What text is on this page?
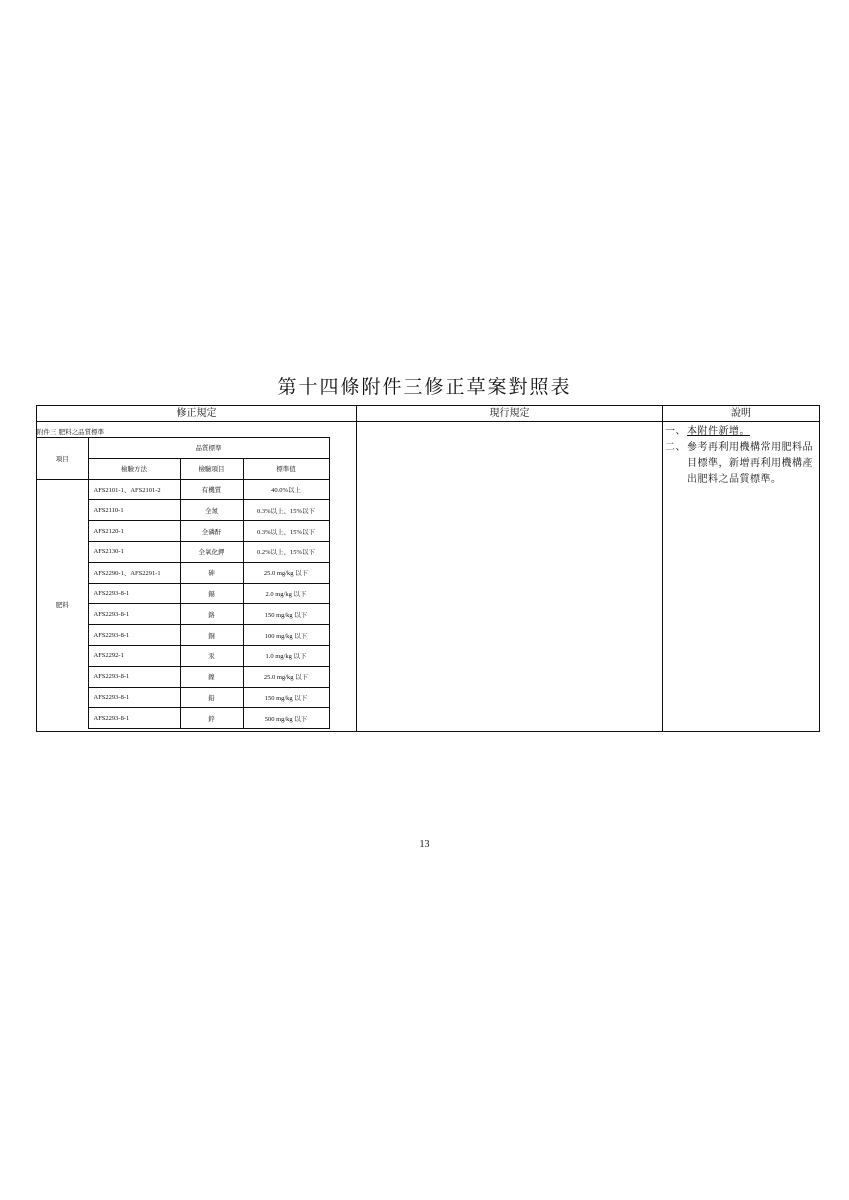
第十四條附件三修正草案對照表
修正規定	現行規定	說明

附件三 肥料之品質標準
項目	品質標準	
檢驗方法	檢驗項目	標準值	
肥料	AFS2101-1、AFS2101-2	有機質	40.0%以上	
AFS2110-1	全氮	0.3%以上、15%以下	
AFS2120-1	全磷酐	0.3%以上、15%以下	
AFS2130-1	全氧化鉀	0.2%以上、15%以下	
AFS2290-1、AFS2291-1	砷	25.0 mg/kg 以下	
AFS2293-8-1	鎘	2.0 mg/kg 以下	
AFS2293-8-1	鉻	150 mg/kg 以下	
AFS2293-8-1	銅	100 mg/kg 以下	
AFS2292-1	汞	1.0 mg/kg 以下	
AFS2293-8-1	鎳	25.0 mg/kg 以下	
AFS2293-8-1	鉛	150 mg/kg 以下	
AFS2293-8-1	鋅	500 mg/kg 以下	

一、 本附件新增。
二、 參考再利用機構常用肥料品目標準，新增再利用機構產出肥料之品質標準。
13
